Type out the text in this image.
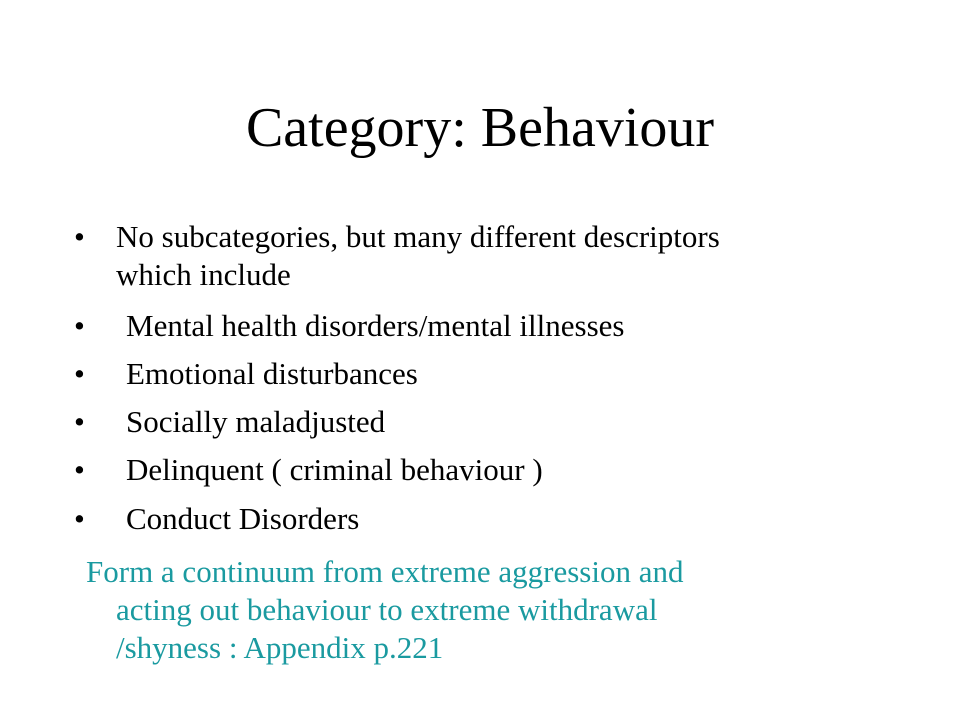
Category: Behaviour
• No subcategories, but many different descriptors
which include
• Mental health disorders/mental illnesses
• Emotional disturbances
• Socially maladjusted
• Delinquent ( criminal behaviour )
• Conduct Disorders
Form a continuum from extreme aggression and
acting out behaviour to extreme withdrawal
/shyness : Appendix p.221
